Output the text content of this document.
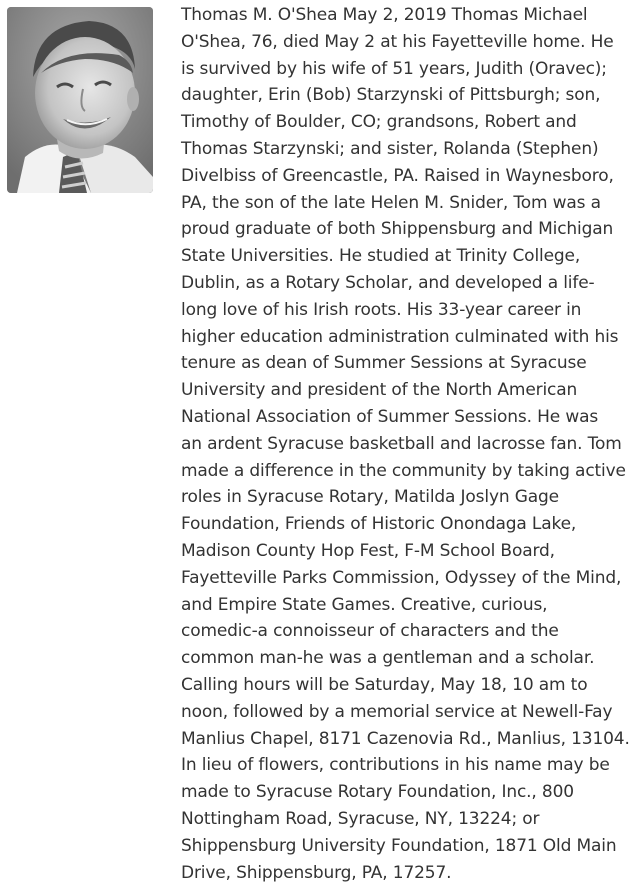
Thomas M. O'Shea May 2, 2019 Thomas Michael
O'Shea, 76, died May 2 at his Fayetteville home. He
is survived by his wife of 51 years, Judith (Oravec);
daughter, Erin (Bob) Starzynski of Pittsburgh; son,
Timothy of Boulder, CO; grandsons, Robert and
Thomas Starzynski; and sister, Rolanda (Stephen)
Divelbiss of Greencastle, PA. Raised in Waynesboro,
PA, the son of the late Helen M. Snider, Tom was a
proud graduate of both Shippensburg and Michigan
State Universities. He studied at Trinity College,
Dublin, as a Rotary Scholar, and developed a life-
long love of his Irish roots. His 33-year career in
higher education administration culminated with his
tenure as dean of Summer Sessions at Syracuse
University and president of the North American
National Association of Summer Sessions. He was
an ardent Syracuse basketball and lacrosse fan. Tom
made a difference in the community by taking active
roles in Syracuse Rotary, Matilda Joslyn Gage
Foundation, Friends of Historic Onondaga Lake,
Madison County Hop Fest, F-M School Board,
Fayetteville Parks Commission, Odyssey of the Mind,
and Empire State Games. Creative, curious,
comedic-a connoisseur of characters and the
common man-he was a gentleman and a scholar.
Calling hours will be Saturday, May 18, 10 am to
noon, followed by a memorial service at Newell-Fay
Manlius Chapel, 8171 Cazenovia Rd., Manlius, 13104.
In lieu of flowers, contributions in his name may be
made to Syracuse Rotary Foundation, Inc., 800
Nottingham Road, Syracuse, NY, 13224; or
Shippensburg University Foundation, 1871 Old Main
Drive, Shippensburg, PA, 17257.
